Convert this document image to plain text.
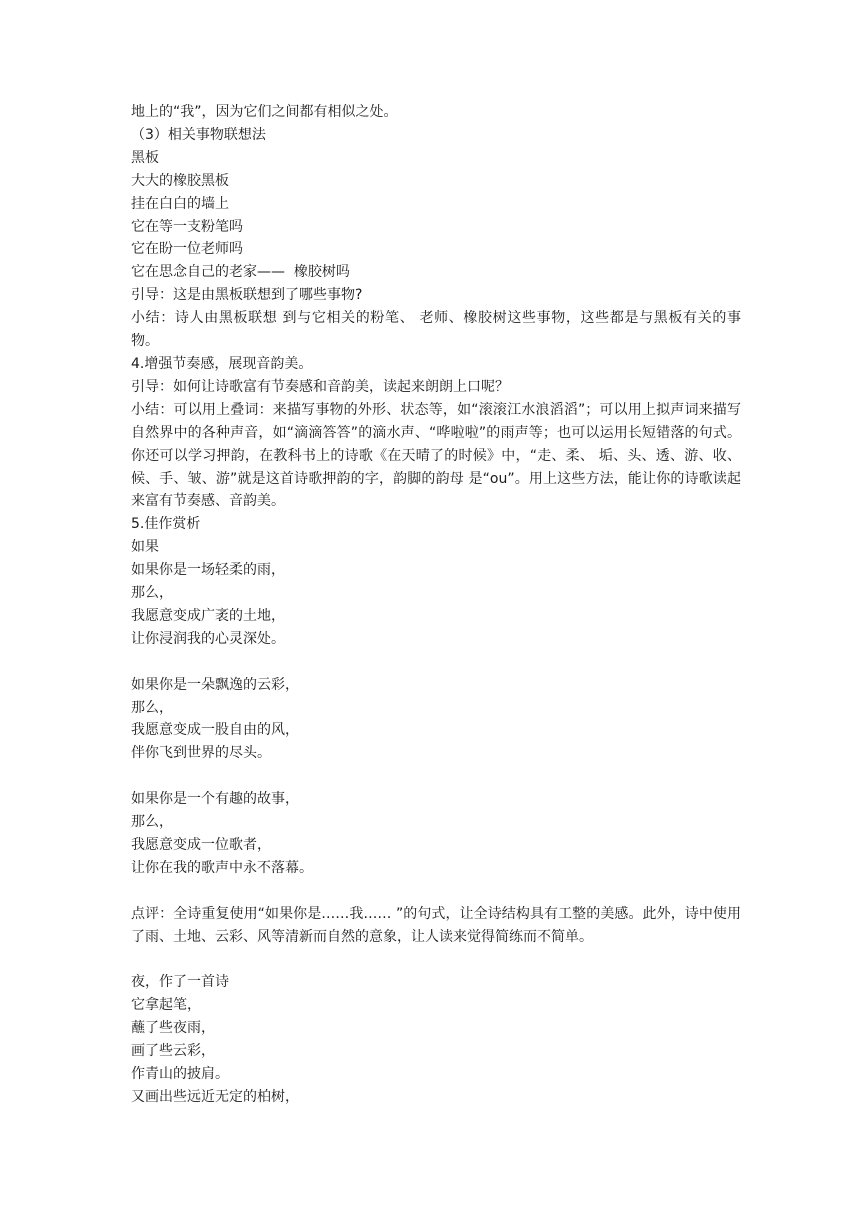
地上的“我”，因为它们之间都有相似之处。

（3）相关事物联想法

黑板

大大的橡胶黑板

挂在白白的墙上

它在等一支粉笔吗

它在盼一位老师吗

它在思念自己的老家——  橡胶树吗

引导：这是由黑板联想到了哪些事物?

小结：诗人由黑板联想 到与它相关的粉笔、 老师、橡胶树这些事物，这些都是与黑板有关的事物。

4.增强节奏感，展现音韵美。

引导：如何让诗歌富有节奏感和音韵美，读起来朗朗上口呢？

小结：可以用上叠词：来描写事物的外形、状态等，如“滚滚江水浪滔滔”；可以用上拟声词来描写自然界中的各种声音，如“滴滴答答”的滴水声、“哗啦啦”的雨声等；也可以运用长短错落的句式。你还可以学习押韵，在教科书上的诗歌《在天晴了的时候》中，“走、柔、 垢、头、透、游、收、候、手、皱、游”就是这首诗歌押韵的字，韵脚的韵母 是“ou”。用上这些方法，能让你的诗歌读起来富有节奏感、音韵美。

5.佳作赏析

如果

如果你是一场轻柔的雨，

那么，

我愿意变成广袤的土地，

让你浸润我的心灵深处。

如果你是一朵飘逸的云彩，

那么，

我愿意变成一股自由的风，

伴你飞到世界的尽头。

如果你是一个有趣的故事，

那么，

我愿意变成一位歌者，

让你在我的歌声中永不落幕。

点评：全诗重复使用“如果你是……我…… ”的句式，让全诗结构具有工整的美感。此外，诗中使用了雨、土地、云彩、风等清新而自然的意象，让人读来觉得简练而不简单。

夜，作了一首诗

它拿起笔，

蘸了些夜雨，

画了些云彩，

作青山的披肩。

又画出些远近无定的柏树，
